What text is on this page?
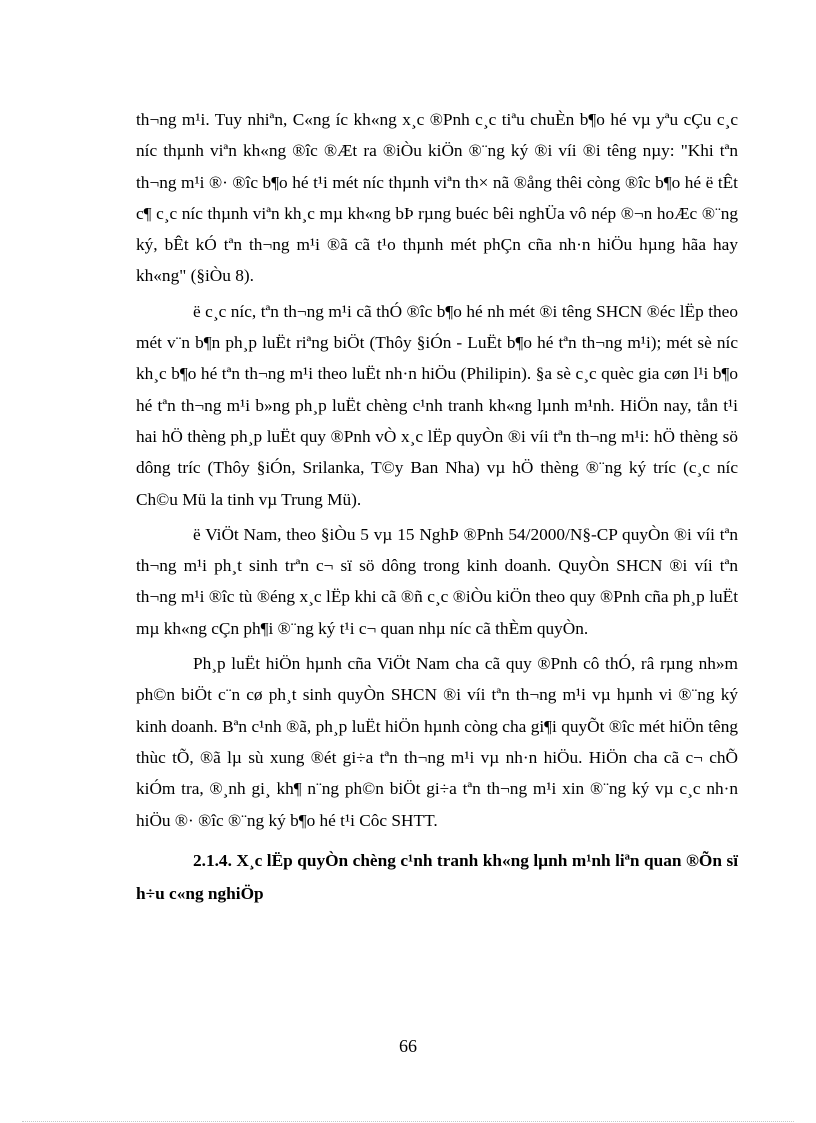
th¬ng m¹i. Tuy nhiªn, C«ng íc kh«ng x¸c ®Pnh c¸c tiªu chuÈn b¶o hé vµ yªu cÇu c¸c níc thµnh viªn kh«ng ®îc ®Æt ra ®iÒu kiÖn ®¨ng ký ®i víi ®i têng nµy: "Khi tªn th¬ng m¹i ®· ®îc b¶o hé t¹i mét níc thµnh viªn th× nã ®ång thêi còng ®îc b¶o hé ë tÊt c¶ c¸c níc thµnh viªn kh¸c mµ kh«ng bÞ rµng buéc bêi nghÜa vô nép ®¬n hoÆc ®¨ng ký, bÊt kÓ tªn th¬ng m¹i ®ã cã t¹o thµnh mét phÇn cña nh·n hiÖu hµng hãa hay kh«ng" (§iÒu 8).

ë c¸c níc, tªn th¬ng m¹i cã thÓ ®îc b¶o hé nh mét ®i têng SHCN ®éc lËp theo mét v¨n b¶n ph¸p luËt riªng biÖt (Thôy §iÓn - LuËt b¶o hé tªn th¬ng m¹i); mét sè níc kh¸c b¶o hé tªn th¬ng m¹i theo luËt nh·n hiÖu (Philipin). §a sè c¸c quèc gia cøn l¹i b¶o hé tªn th¬ng m¹i b»ng ph¸p luËt chèng c¹nh tranh kh«ng lµnh m¹nh. HiÖn nay, tån t¹i hai hÖ thèng ph¸p luËt quy ®Pnh vÒ x¸c lËp quyÒn ®i víi tªn th¬ng m¹i: hÖ thèng sö dông tríc (Thôy §iÓn, Srilanka, T©y Ban Nha) vµ hÖ thèng ®¨ng ký tríc (c¸c níc Ch©u Mü la tinh vµ Trung Mü).

ë ViÖt Nam, theo §iÒu 5 vµ 15 NghÞ ®Pnh 54/2000/N§-CP quyÒn ®i víi tªn th¬ng m¹i ph¸t sinh trªn c¬ sï sö dông trong kinh doanh. QuyÒn SHCN ®i víi tªn th¬ng m¹i ®îc tù ®éng x¸c lËp khi cã ®ñ c¸c ®iÒu kiÖn theo quy ®Pnh cña ph¸p luËt mµ kh«ng cÇn ph¶i ®¨ng ký t¹i c¬ quan nhµ níc cã thÈm quyÒn.

Ph¸p luËt hiÖn hµnh cña ViÖt Nam cha cã quy ®Pnh cô thÓ, râ rµng nh»m ph©n biÖt c¨n cø ph¸t sinh quyÒn SHCN ®i víi tªn th¬ng m¹i vµ hµnh vi ®¨ng ký kinh doanh. Bªn c¹nh ®ã, ph¸p luËt hiÖn hµnh còng cha gi¶i quyÕt ®îc mét hiÖn têng thùc tÕ, ®ã lµ sù xung ®ét gi÷a tªn th¬ng m¹i vµ nh·n hiÖu. HiÖn cha cã c¬ chÕ kiÓm tra, ®¸nh gi¸ kh¶ n¨ng ph©n biÖt gi÷a tªn th¬ng m¹i xin ®¨ng ký vµ c¸c nh·n hiÖu ®· ®îc ®¨ng ký b¶o hé t¹i Côc SHTT.

2.1.4. X¸c lËp quyÒn chèng c¹nh tranh kh«ng lµnh m¹nh liªn quan ®Õn sï h÷u c«ng nghiÖp
66
